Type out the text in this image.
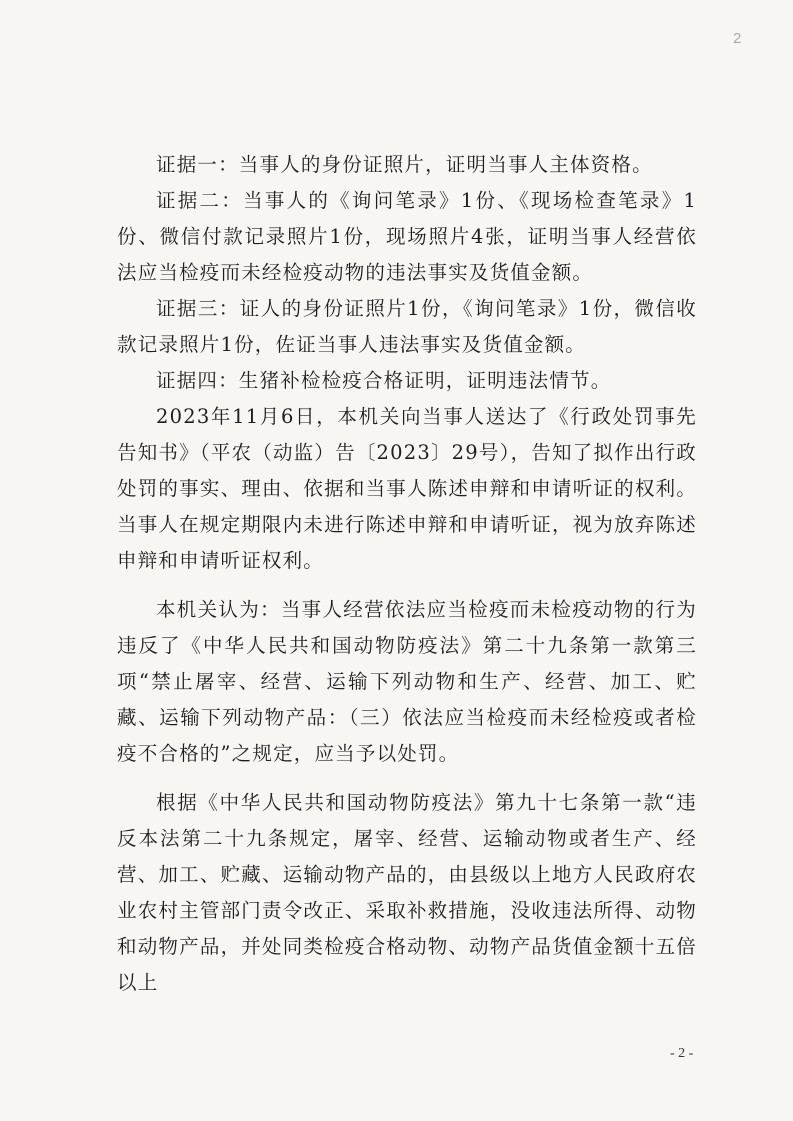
2

证据一：当事人的身份证照片，证明当事人主体资格。

证据二：当事人的《询问笔录》1份、《现场检查笔录》1份、微信付款记录照片1份，现场照片4张，证明当事人经营依法应当检疫而未经检疫动物的违法事实及货值金额。

证据三：证人的身份证照片1份，《询问笔录》1份，微信收款记录照片1份，佐证当事人违法事实及货值金额。

证据四：生猪补检检疫合格证明，证明违法情节。

2023年11月6日，本机关向当事人送达了《行政处罚事先告知书》（平农（动监）告〔2023〕29号），告知了拟作出行政处罚的事实、理由、依据和当事人陈述申辩和申请听证的权利。当事人在规定期限内未进行陈述申辩和申请听证，视为放弃陈述申辩和申请听证权利。

本机关认为：当事人经营依法应当检疫而未检疫动物的行为违反了《中华人民共和国动物防疫法》第二十九条第一款第三项“禁止屠宰、经营、运输下列动物和生产、经营、加工、贮藏、运输下列动物产品：（三）依法应当检疫而未经检疫或者检疫不合格的”之规定，应当予以处罚。

根据《中华人民共和国动物防疫法》第九十七条第一款“违反本法第二十九条规定，屠宰、经营、运输动物或者生产、经营、加工、贮藏、运输动物产品的，由县级以上地方人民政府农业农村主管部门责令改正、采取补救措施，没收违法所得、动物和动物产品，并处同类检疫合格动物、动物产品货值金额十五倍以上

- 2 -
